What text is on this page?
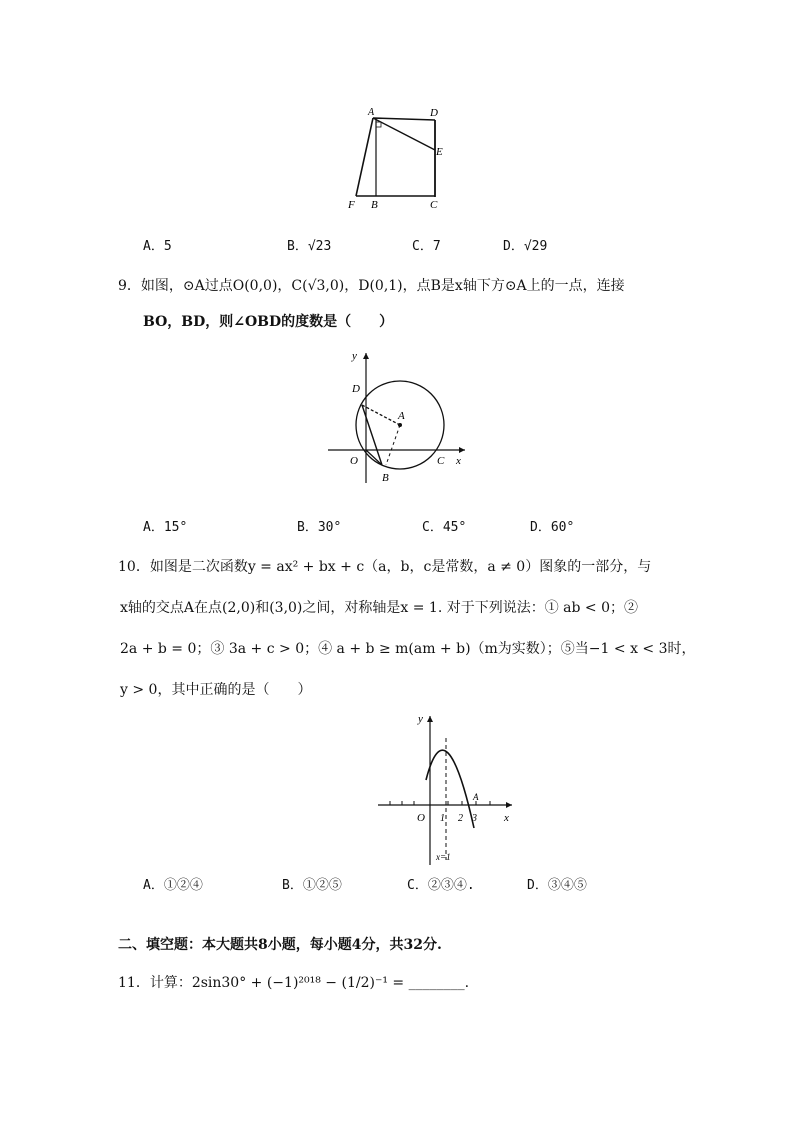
A	D
E
F B	C
A．5	B．√23	C．7	D．√29
9．如图，⊙A过点O(0,0)，C(√3,0)，D(0,1)，点B是x轴下方⊙A上的一点，连接
BO，BD，则∠OBD的度数是（　　）
y
D
A
O	C x
B
A．15°	B．30°	C．45°	D．60°
10．如图是二次函数y = ax² + bx + c（a，b，c是常数，a ≠ 0）图象的一部分，与
x轴的交点A在点(2,0)和(3,0)之间，对称轴是x = 1. 对于下列说法：① ab < 0；②
2a + b = 0；③ 3a + c > 0；④ a + b ≥ m(am + b)（m为实数）；⑤当−1 < x < 3时，
y > 0，其中正确的是（　　）
y
O 1 2 3
A
x
x=1
A．①②④	B．①②⑤	C．②③④.	D．③④⑤
二、填空题：本大题共8小题，每小题4分，共32分.
11．计算：2sin30° + (−1)²⁰¹⁸ − (1/2)⁻¹ = ________.
